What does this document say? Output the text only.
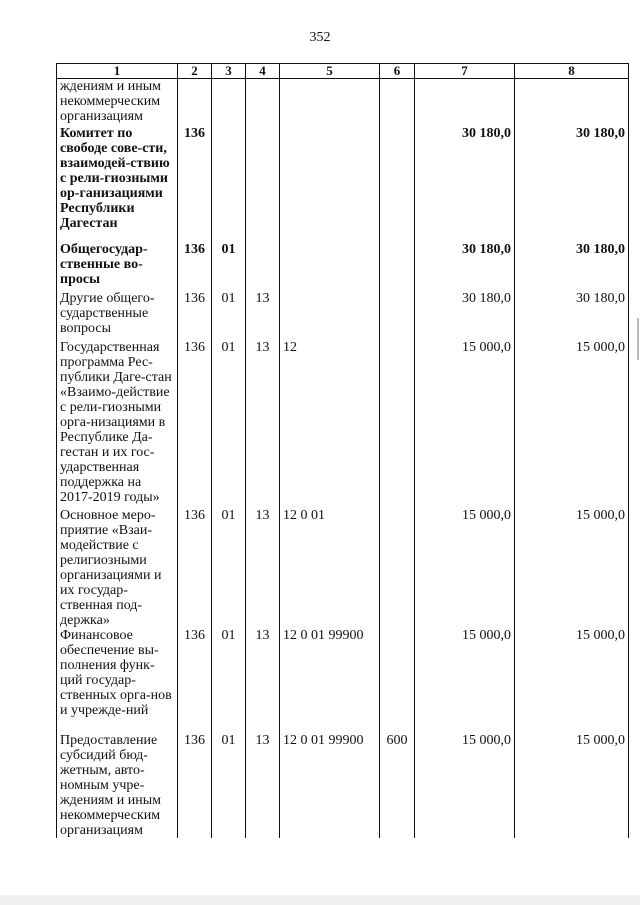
352
1	2	3	4	5	6	7	8
ждениям и иным некоммерческим организациям							
Комитет по свободе сове-сти, взаимодей-ствию с рели-гиозными ор-ганизациями Республики Дагестан	136					30 180,0	30 180,0
Общегосудар-ственные во-просы	136	01				30 180,0	30 180,0
Другие общего-сударственные вопросы	136	01	13			30 180,0	30 180,0
Государственная программа Рес-публики Даге-стан «Взаимо-действие с рели-гиозными орга-низациями в Республике Да-гестан и их гос-ударственная поддержка на 2017-2019 годы»	136	01	13	12		15 000,0	15 000,0
Основное меро-приятие «Взаи-модействие с религиозными организациями и их государ-ственная под-держка»	136	01	13	12 0 01		15 000,0	15 000,0
Финансовое обеспечение вы-полнения функ-ций государ-ственных орга-нов и учрежде-ний	136	01	13	12 0 01 99900		15 000,0	15 000,0
Предоставление субсидий бюд-жетным, авто-номным учре-ждениям и иным некоммерческим организациям	136	01	13	12 0 01 99900	600	15 000,0	15 000,0
